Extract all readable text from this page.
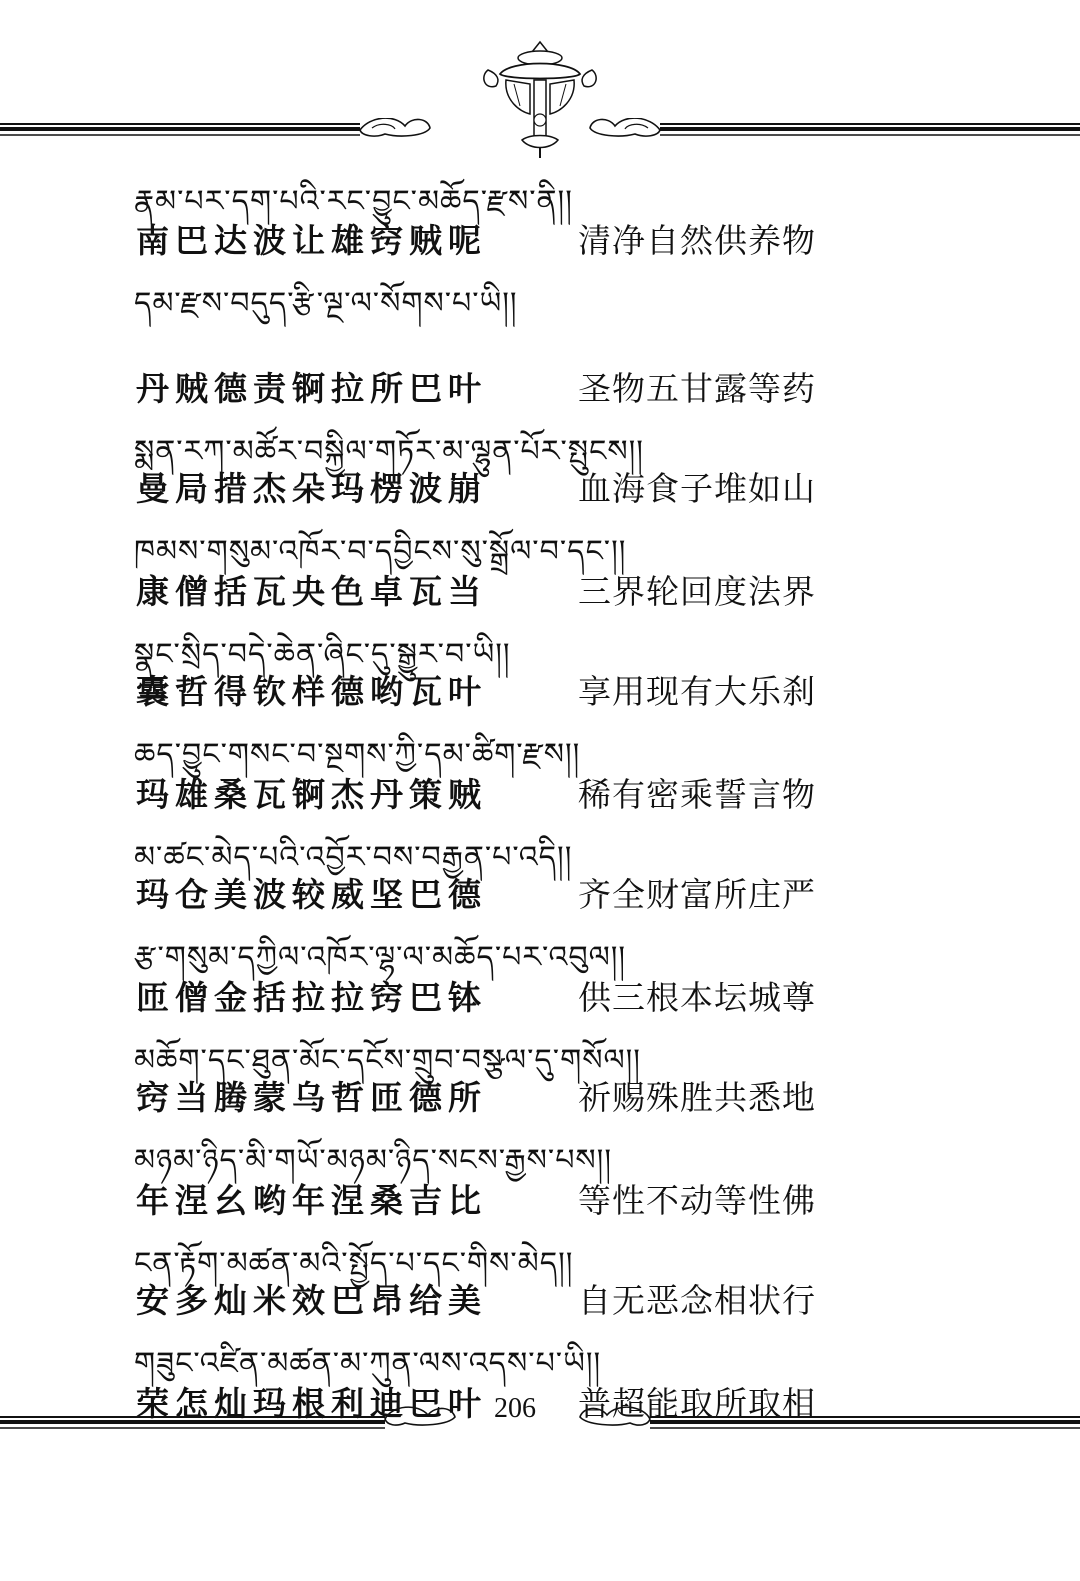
རྣམ་པར་དག་པའི་རང་བྱུང་མཆོད་རྫས་ནི།།
南巴达波让雄窍贼呢	清净自然供养物
དམ་རྫས་བདུད་རྩི་ལྔ་ལ་སོགས་པ་ཡི།།
丹贼德责锕拉所巴叶	圣物五甘露等药
སྨན་རཀ་མཚོར་བསྐྱིལ་གཏོར་མ་ལྷུན་པོར་སྤུངས།།
曼局措杰朵玛楞波崩	血海食子堆如山
ཁམས་གསུམ་འཁོར་བ་དབྱིངས་སུ་སྒྲོལ་བ་དང་།།
康僧括瓦央色卓瓦当	三界轮回度法界
སྣང་སྲིད་བདེ་ཆེན་ཞིང་དུ་སྒྱུར་བ་ཡི།།
囊哲得钦样德哟瓦叶	享用现有大乐刹
ཆད་བྱུང་གསང་བ་སྔགས་ཀྱི་དམ་ཚིག་རྫས།།
玛雄桑瓦锕杰丹策贼	稀有密乘誓言物
མ་ཚང་མེད་པའི་འབྱོར་བས་བརྒྱན་པ་འདི།།
玛仓美波较威坚巴德	齐全财富所庄严
རྩ་གསུམ་དཀྱིལ་འཁོར་ལྷ་ལ་མཆོད་པར་འབུལ།།
匝僧金括拉拉窍巴钵	供三根本坛城尊
མཆོག་དང་ཐུན་མོང་དངོས་གྲུབ་བསྩལ་དུ་གསོལ།།
窍当腾蒙乌哲匝德所	祈赐殊胜共悉地
མཉམ་ཉིད་མི་གཡོ་མཉམ་ཉིད་སངས་རྒྱས་པས།།
年涅幺哟年涅桑吉比	等性不动等性佛
ངན་རྟོག་མཚན་མའི་སྤྱོད་པ་དང་གིས་མེད།།
安多灿米效巴昂给美	自无恶念相状行
གཟུང་འཛིན་མཚན་མ་ཀུན་ལས་འདས་པ་ཡི།།
荣怎灿玛根利迪巴叶	普超能取所取相
206
